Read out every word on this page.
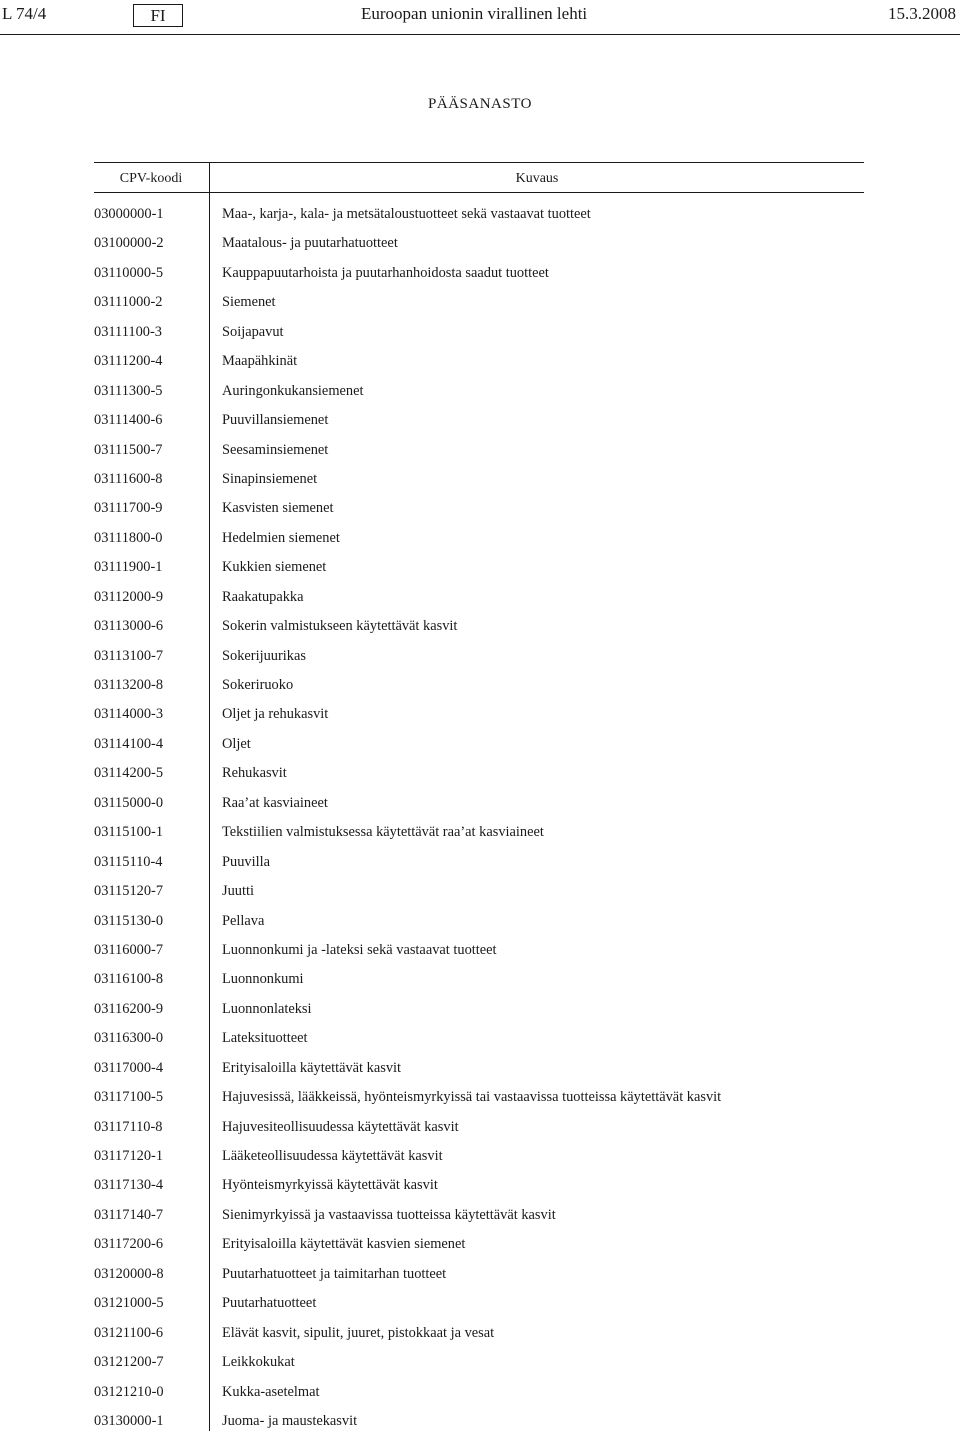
L 74/4	FI	Euroopan unionin virallinen lehti	15.3.2008
PÄÄSANASTO
CPV-koodi	Kuvaus
03000000-1	Maa-, karja-, kala- ja metsätaloustuotteet sekä vastaavat tuotteet
03100000-2	Maatalous- ja puutarhatuotteet
03110000-5	Kauppapuutarhoista ja puutarhanhoidosta saadut tuotteet
03111000-2	Siemenet
03111100-3	Soijapavut
03111200-4	Maapähkinät
03111300-5	Auringonkukansiemenet
03111400-6	Puuvillansiemenet
03111500-7	Seesaminsiemenet
03111600-8	Sinapinsiemenet
03111700-9	Kasvisten siemenet
03111800-0	Hedelmien siemenet
03111900-1	Kukkien siemenet
03112000-9	Raakatupakka
03113000-6	Sokerin valmistukseen käytettävät kasvit
03113100-7	Sokerijuurikas
03113200-8	Sokeriruoko
03114000-3	Oljet ja rehukasvit
03114100-4	Oljet
03114200-5	Rehukasvit
03115000-0	Raa’at kasviaineet
03115100-1	Tekstiilien valmistuksessa käytettävät raa’at kasviaineet
03115110-4	Puuvilla
03115120-7	Juutti
03115130-0	Pellava
03116000-7	Luonnonkumi ja -lateksi sekä vastaavat tuotteet
03116100-8	Luonnonkumi
03116200-9	Luonnonlateksi
03116300-0	Lateksituotteet
03117000-4	Erityisaloilla käytettävät kasvit
03117100-5	Hajuvesissä, lääkkeissä, hyönteismyrkyissä tai vastaavissa tuotteissa käytettävät kasvit
03117110-8	Hajuvesiteollisuudessa käytettävät kasvit
03117120-1	Lääketeollisuudessa käytettävät kasvit
03117130-4	Hyönteismyrkyissä käytettävät kasvit
03117140-7	Sienimyrkyissä ja vastaavissa tuotteissa käytettävät kasvit
03117200-6	Erityisaloilla käytettävät kasvien siemenet
03120000-8	Puutarhatuotteet ja taimitarhan tuotteet
03121000-5	Puutarhatuotteet
03121100-6	Elävät kasvit, sipulit, juuret, pistokkaat ja vesat
03121200-7	Leikkokukat
03121210-0	Kukka-asetelmat
03130000-1	Juoma- ja maustekasvit
